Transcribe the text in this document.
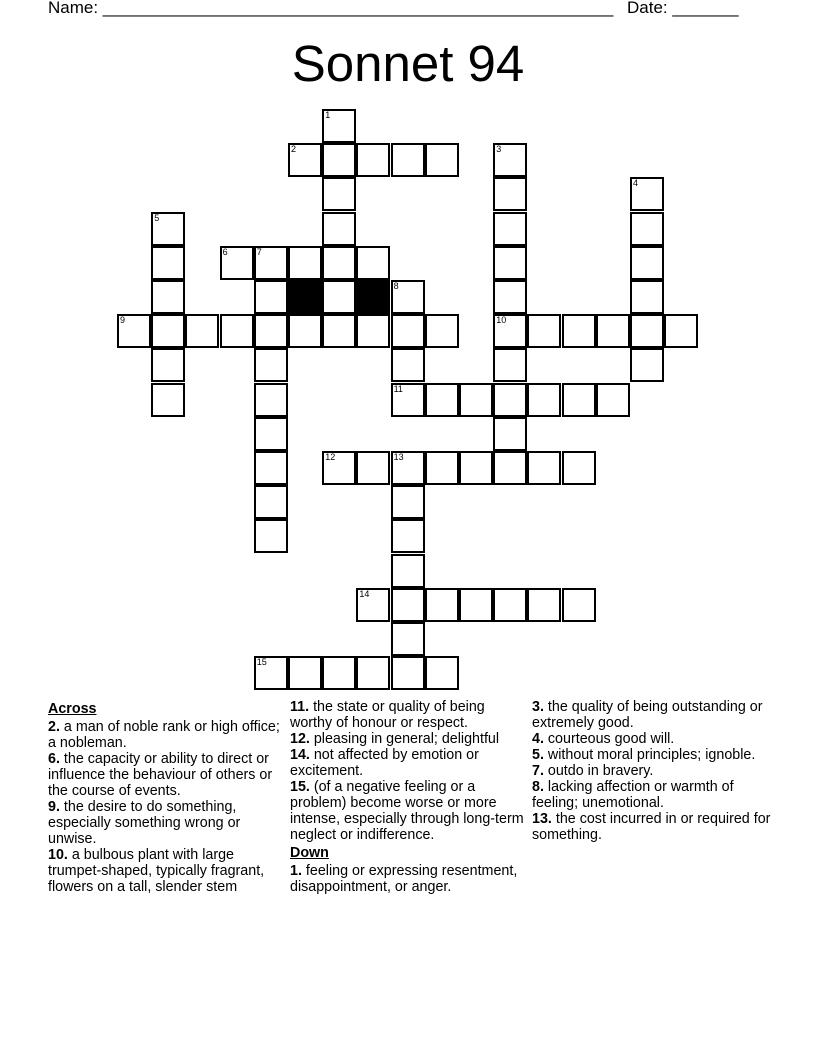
Name: ______________________________________________________ Date: _______
Sonnet 94
1
2	3
4
5
6	7
8
9	10
11
12	13
14
15
Across

2. a man of noble rank or high office; a nobleman.

6. the capacity or ability to direct or influence the behaviour of others or the course of events.

9. the desire to do something, especially something wrong or unwise.

10. a bulbous plant with large trumpet-shaped, typically fragrant, flowers on a tall, slender stem

11. the state or quality of being worthy of honour or respect.

12. pleasing in general; delightful

14. not affected by emotion or excitement.

15. (of a negative feeling or a problem) become worse or more intense, especially through long-term neglect or indifference.

Down

1. feeling or expressing resentment, disappointment, or anger.

3. the quality of being outstanding or extremely good.

4. courteous good will.

5. without moral principles; ignoble.

7. outdo in bravery.

8. lacking affection or warmth of feeling; unemotional.

13. the cost incurred in or required for something.
